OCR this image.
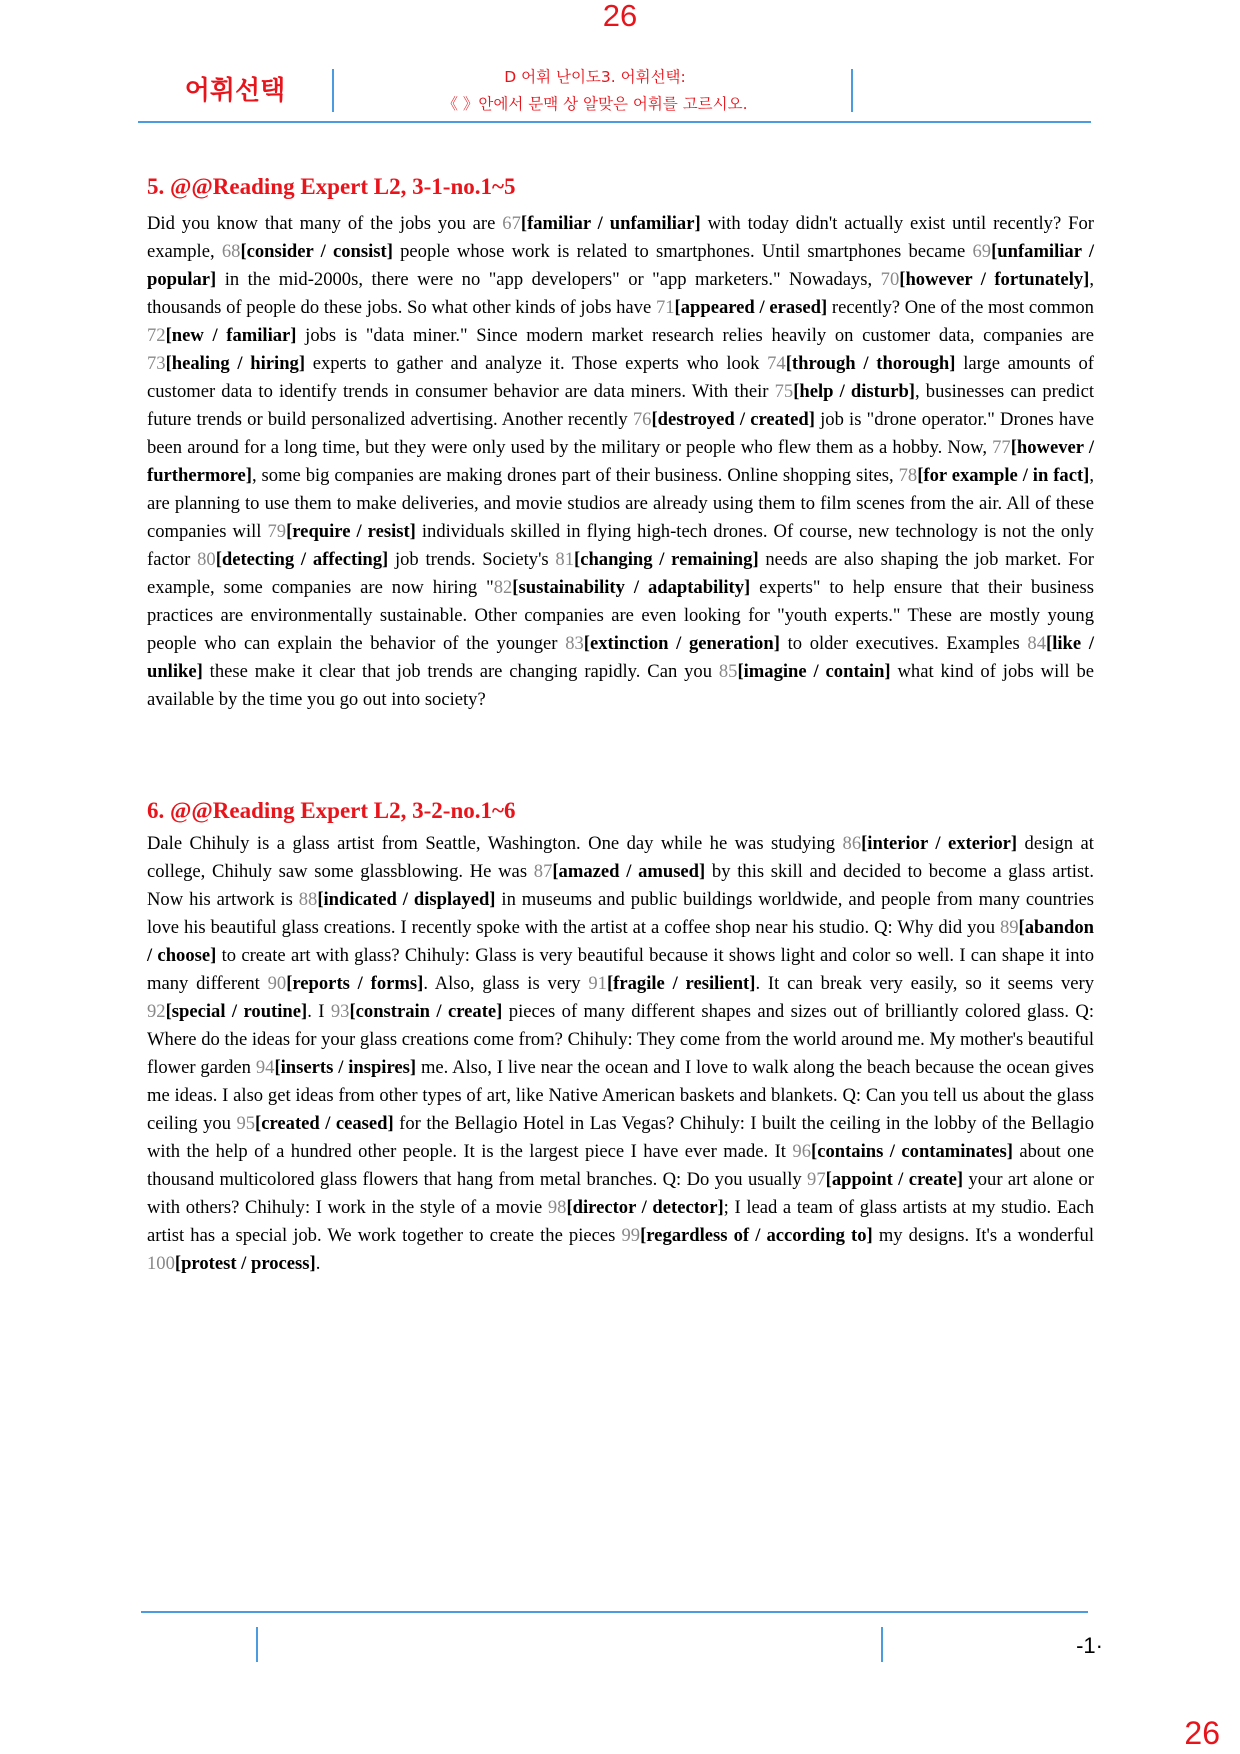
26
어휘선택	D 어휘 난이도3. 어휘선택:
《 》안에서 문맥 상 알맞은 어휘를 고르시오.
5. @@Reading Expert L2, 3-1-no.1~5
Did you know that many of the jobs you are 67[familiar / unfamiliar] with today didn't actually exist until recently? For example, 68[consider / consist] people whose work is related to smartphones. Until smartphones became 69[unfamiliar / popular] in the mid-2000s, there were no "app developers" or "app marketers." Nowadays, 70[however / fortunately], thousands of people do these jobs. So what other kinds of jobs have 71[appeared / erased] recently? One of the most common 72[new / familiar] jobs is "data miner." Since modern market research relies heavily on customer data, companies are 73[healing / hiring] experts to gather and analyze it. Those experts who look 74[through / thorough] large amounts of customer data to identify trends in consumer behavior are data miners. With their 75[help / disturb], businesses can predict future trends or build personalized advertising. Another recently 76[destroyed / created] job is "drone operator." Drones have been around for a long time, but they were only used by the military or people who flew them as a hobby. Now, 77[however / furthermore], some big companies are making drones part of their business. Online shopping sites, 78[for example / in fact], are planning to use them to make deliveries, and movie studios are already using them to film scenes from the air. All of these companies will 79[require / resist] individuals skilled in flying high-tech drones. Of course, new technology is not the only factor 80[detecting / affecting] job trends. Society's 81[changing / remaining] needs are also shaping the job market. For example, some companies are now hiring "82[sustainability / adaptability] experts" to help ensure that their business practices are environmentally sustainable. Other companies are even looking for "youth experts." These are mostly young people who can explain the behavior of the younger 83[extinction / generation] to older executives. Examples 84[like / unlike] these make it clear that job trends are changing rapidly. Can you 85[imagine / contain] what kind of jobs will be available by the time you go out into society?
6. @@Reading Expert L2, 3-2-no.1~6
Dale Chihuly is a glass artist from Seattle, Washington. One day while he was studying 86[interior / exterior] design at college, Chihuly saw some glassblowing. He was 87[amazed / amused] by this skill and decided to become a glass artist. Now his artwork is 88[indicated / displayed] in museums and public buildings worldwide, and people from many countries love his beautiful glass creations. I recently spoke with the artist at a coffee shop near his studio. Q: Why did you 89[abandon / choose] to create art with glass? Chihuly: Glass is very beautiful because it shows light and color so well. I can shape it into many different 90[reports / forms]. Also, glass is very 91[fragile / resilient]. It can break very easily, so it seems very 92[special / routine]. I 93[constrain / create] pieces of many different shapes and sizes out of brilliantly colored glass. Q: Where do the ideas for your glass creations come from? Chihuly: They come from the world around me. My mother's beautiful flower garden 94[inserts / inspires] me. Also, I live near the ocean and I love to walk along the beach because the ocean gives me ideas. I also get ideas from other types of art, like Native American baskets and blankets. Q: Can you tell us about the glass ceiling you 95[created / ceased] for the Bellagio Hotel in Las Vegas? Chihuly: I built the ceiling in the lobby of the Bellagio with the help of a hundred other people. It is the largest piece I have ever made. It 96[contains / contaminates] about one thousand multicolored glass flowers that hang from metal branches. Q: Do you usually 97[appoint / create] your art alone or with others? Chihuly: I work in the style of a movie 98[director / detector]; I lead a team of glass artists at my studio. Each artist has a special job. We work together to create the pieces 99[regardless of / according to] my designs. It's a wonderful 100[protest / process].
-1·
26
